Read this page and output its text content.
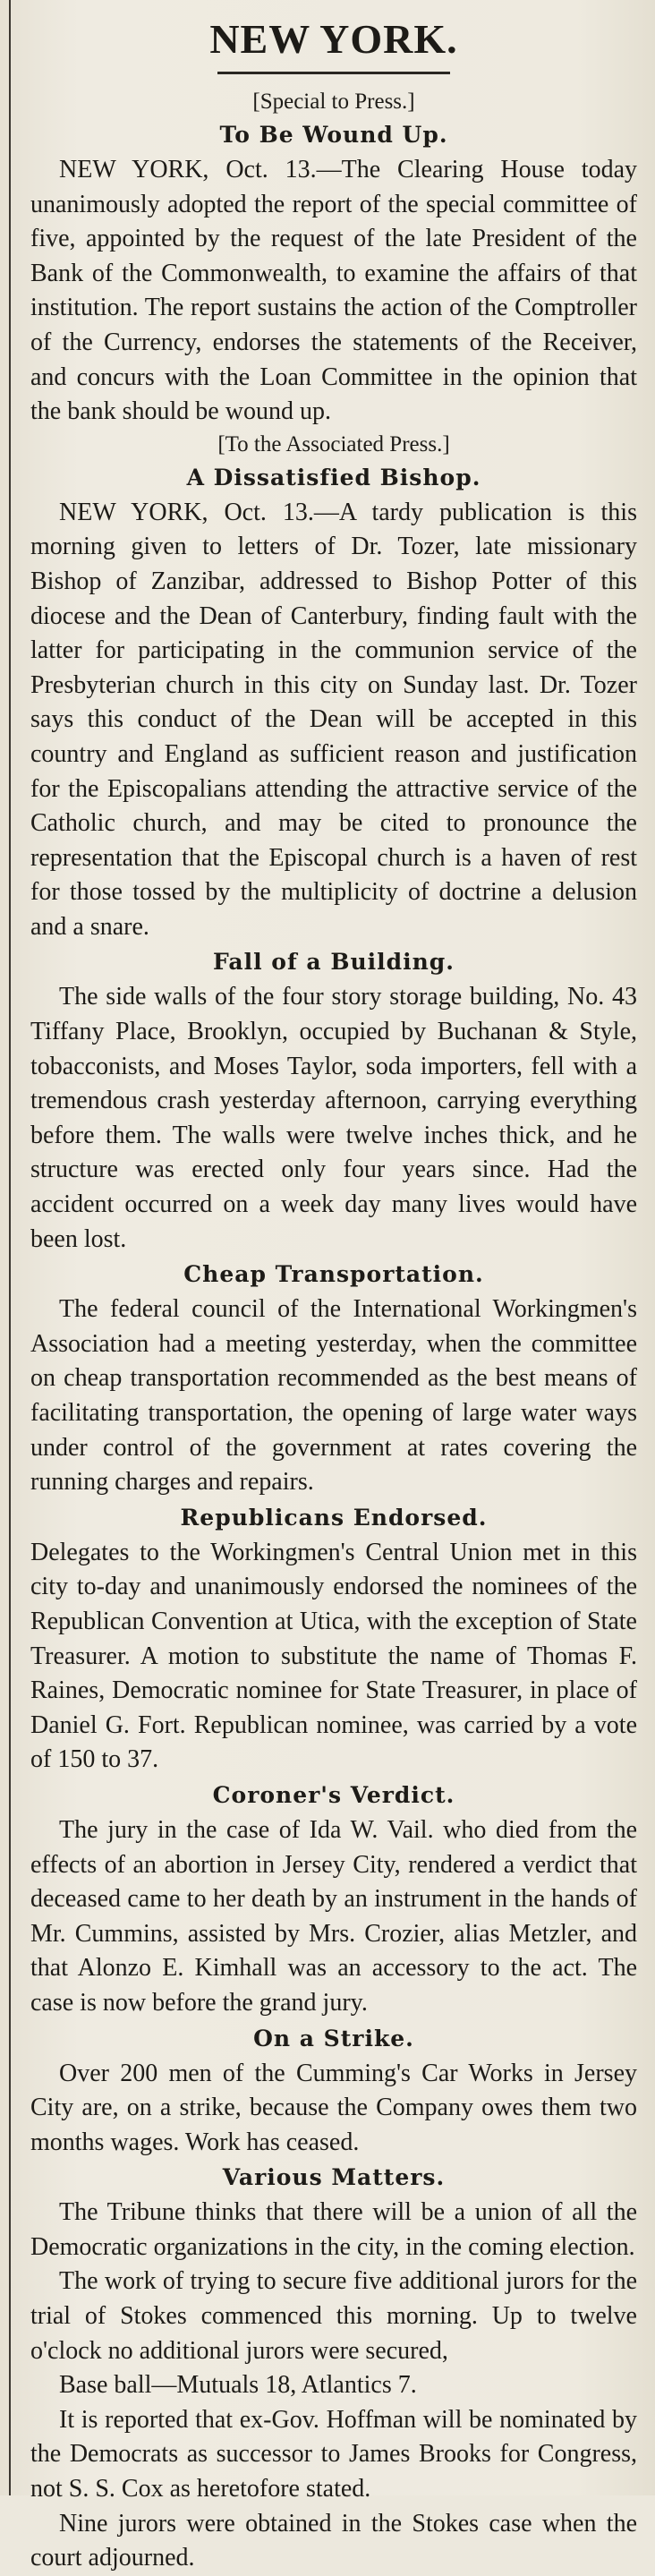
NEW YORK.

[Special to Press.]

To Be Wound Up.

NEW YORK, Oct. 13.—The Clearing House today unanimously adopted the report of the special committee of five, appointed by the request of the late President of the Bank of the Commonwealth, to examine the affairs of that institution. The report sustains the action of the Comptroller of the Currency, endorses the statements of the Receiver, and concurs with the Loan Committee in the opinion that the bank should be wound up.

[To the Associated Press.]

A Dissatisfied Bishop.

NEW YORK, Oct. 13.—A tardy publication is this morning given to letters of Dr. Tozer, late missionary Bishop of Zanzibar, addressed to Bishop Potter of this diocese and the Dean of Canterbury, finding fault with the latter for participating in the communion service of the Presbyterian church in this city on Sunday last. Dr. Tozer says this conduct of the Dean will be accepted in this country and England as sufficient reason and justification for the Episcopalians attending the attractive service of the Catholic church, and may be cited to pronounce the representation that the Episcopal church is a haven of rest for those tossed by the multiplicity of doctrine a delusion and a snare.

Fall of a Building.

The side walls of the four story storage building, No. 43 Tiffany Place, Brooklyn, occupied by Buchanan & Style, tobacconists, and Moses Taylor, soda importers, fell with a tremendous crash yesterday afternoon, carrying everything before them. The walls were twelve inches thick, and he structure was erected only four years since. Had the accident occurred on a week day many lives would have been lost.

Cheap Transportation.

The federal council of the International Workingmen's Association had a meeting yesterday, when the committee on cheap transportation recommended as the best means of facilitating transportation, the opening of large water ways under control of the government at rates covering the running charges and repairs.

Republicans Endorsed.

Delegates to the Workingmen's Central Union met in this city to-day and unanimously endorsed the nominees of the Republican Convention at Utica, with the exception of State Treasurer. A motion to substitute the name of Thomas F. Raines, Democratic nominee for State Treasurer, in place of Daniel G. Fort. Republican nominee, was carried by a vote of 150 to 37.

Coroner's Verdict.

The jury in the case of Ida W. Vail. who died from the effects of an abortion in Jersey City, rendered a verdict that deceased came to her death by an instrument in the hands of Mr. Cummins, assisted by Mrs. Crozier, alias Metzler, and that Alonzo E. Kimhall was an accessory to the act. The case is now before the grand jury.

On a Strike.

Over 200 men of the Cumming's Car Works in Jersey City are, on a strike, because the Company owes them two months wages. Work has ceased.

Various Matters.

The Tribune thinks that there will be a union of all the Democratic organizations in the city, in the coming election.

The work of trying to secure five additional jurors for the trial of Stokes commenced this morning. Up to twelve o'clock no additional jurors were secured,

Base ball—Mutuals 18, Atlantics 7.

It is reported that ex-Gov. Hoffman will be nominated by the Democrats as successor to James Brooks for Congress, not S. S. Cox as heretofore stated.

Nine jurors were obtained in the Stokes case when the court adjourned.
